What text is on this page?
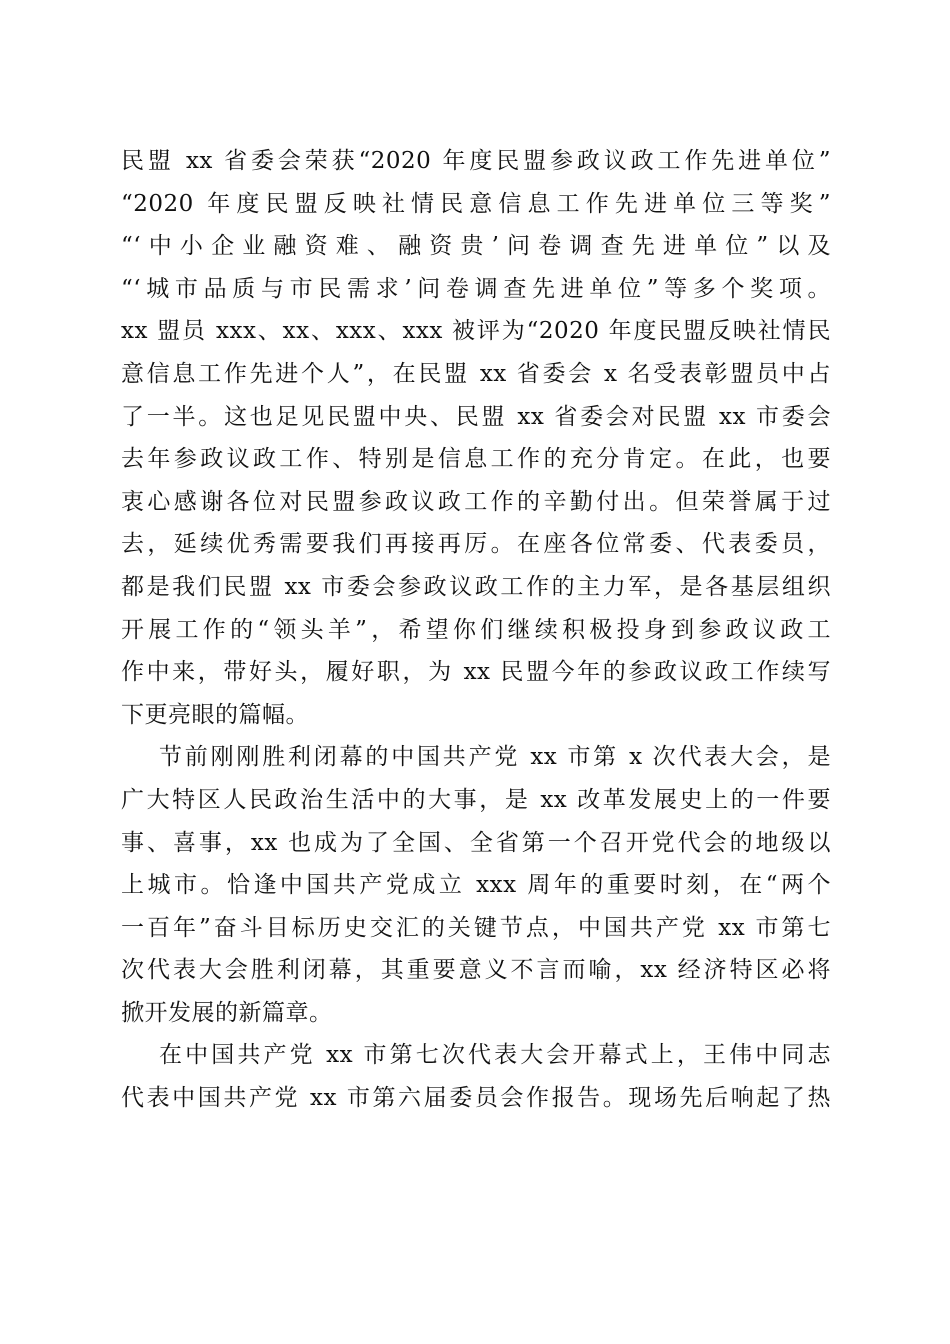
民盟 xx 省委会荣获“2020 年度民盟参政议政工作先进单位”
“2020 年度民盟反映社情民意信息工作先进单位三等奖”
“‘中小企业融资难、融资贵’问卷调查先进单位”以及
“‘城市品质与市民需求’问卷调查先进单位”等多个奖项。
xx 盟员 xxx、xx、xxx、xxx 被评为“2020 年度民盟反映社情民
意信息工作先进个人”，在民盟 xx 省委会 x 名受表彰盟员中占
了一半。这也足见民盟中央、民盟 xx 省委会对民盟 xx 市委会
去年参政议政工作、特别是信息工作的充分肯定。在此，也要
衷心感谢各位对民盟参政议政工作的辛勤付出。但荣誉属于过
去，延续优秀需要我们再接再厉。在座各位常委、代表委员，
都是我们民盟 xx 市委会参政议政工作的主力军，是各基层组织
开展工作的“领头羊”，希望你们继续积极投身到参政议政工
作中来，带好头，履好职，为 xx 民盟今年的参政议政工作续写
下更亮眼的篇幅。
节前刚刚胜利闭幕的中国共产党 xx 市第 x 次代表大会，是
广大特区人民政治生活中的大事，是 xx 改革发展史上的一件要
事、喜事，xx 也成为了全国、全省第一个召开党代会的地级以
上城市。恰逢中国共产党成立 xxx 周年的重要时刻，在“两个
一百年”奋斗目标历史交汇的关键节点，中国共产党 xx 市第七
次代表大会胜利闭幕，其重要意义不言而喻，xx 经济特区必将
掀开发展的新篇章。
在中国共产党 xx 市第七次代表大会开幕式上，王伟中同志
代表中国共产党 xx 市第六届委员会作报告。现场先后响起了热
